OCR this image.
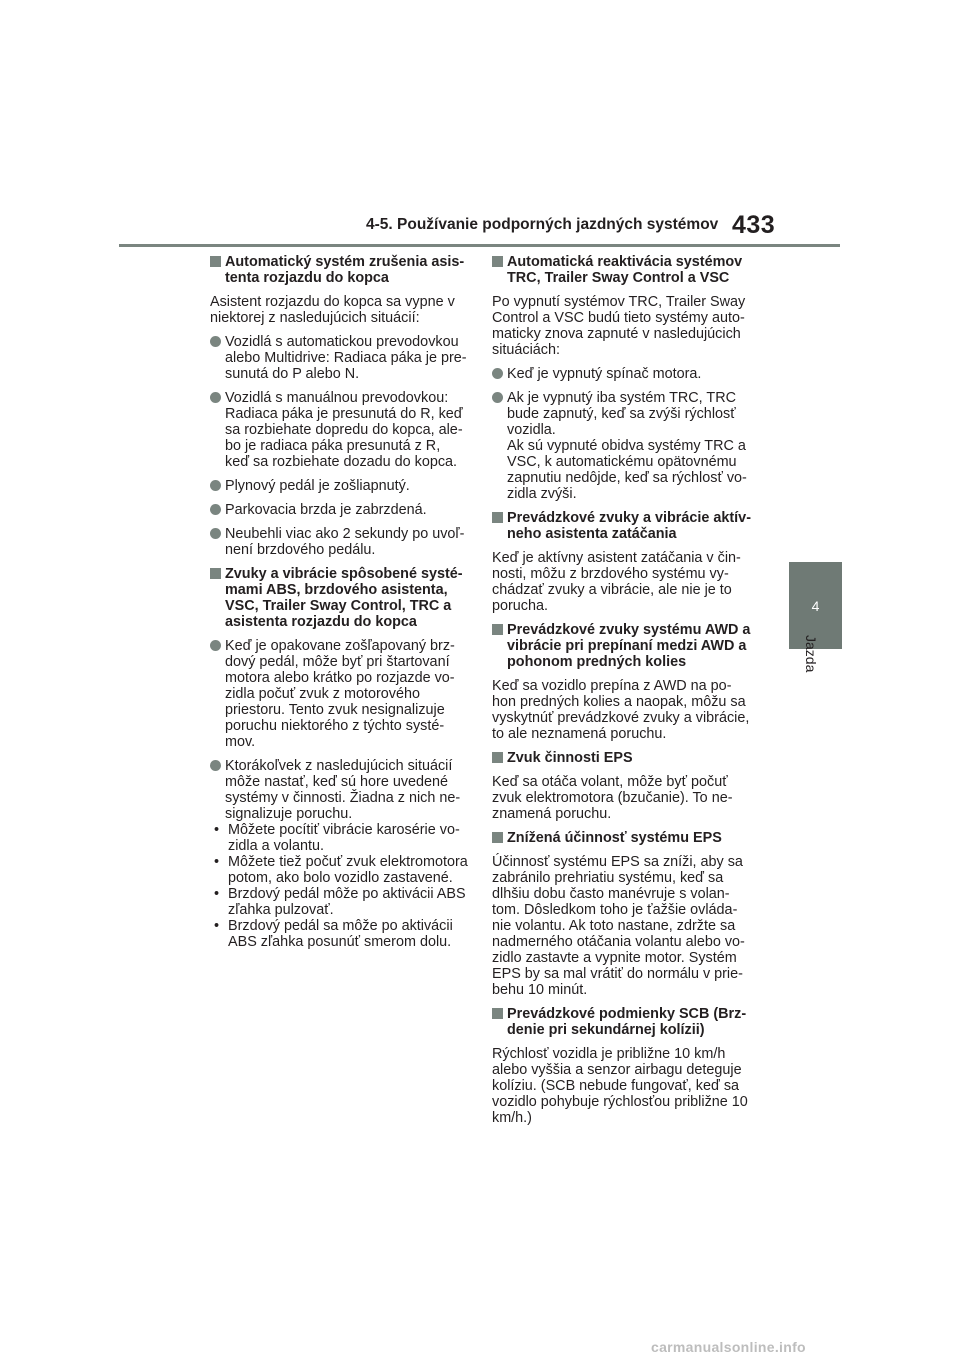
4-5. Používanie podporných jazdných systémov 433
4
Jazda
Automatický systém zrušenia asis-tenta rozjazdu do kopca
Asistent rozjazdu do kopca sa vypne v niektorej z nasledujúcich situácií:
Vozidlá s automatickou prevodovkou alebo Multidrive: Radiaca páka je pre-sunutá do P alebo N.
Vozidlá s manuálnou prevodovkou: Radiaca páka je presunutá do R, keď sa rozbiehate dopredu do kopca, ale-bo je radiaca páka presunutá z R, keď sa rozbiehate dozadu do kopca.
Plynový pedál je zošliapnutý.
Parkovacia brzda je zabrzdená.
Neubehli viac ako 2 sekundy po uvoľ-není brzdového pedálu.
Zvuky a vibrácie spôsobené systé-mami ABS, brzdového asistenta, VSC, Trailer Sway Control, TRC a asistenta rozjazdu do kopca
Keď je opakovane zošľapovaný brz-dový pedál, môže byť pri štartovaní motora alebo krátko po rozjazde vo-zidla počuť zvuk z motorového priestoru. Tento zvuk nesignalizuje poruchu niektorého z týchto systé-mov.
Ktorákoľvek z nasledujúcich situácií môže nastať, keď sú hore uvedené systémy v činnosti. Žiadna z nich ne-signalizuje poruchu.
• Môžete pocítiť vibrácie karosérie vo-zidla a volantu.
• Môžete tiež počuť zvuk elektromotora potom, ako bolo vozidlo zastavené.
• Brzdový pedál môže po aktivácii ABS zľahka pulzovať.
• Brzdový pedál sa môže po aktivácii ABS zľahka posunúť smerom dolu.
Automatická reaktivácia systémov TRC, Trailer Sway Control a VSC
Po vypnutí systémov TRC, Trailer Sway Control a VSC budú tieto systémy auto-maticky znova zapnuté v nasledujúcich situáciách:
Keď je vypnutý spínač motora.
Ak je vypnutý iba systém TRC, TRC bude zapnutý, keď sa zvýši rýchlosť vozidla.
Ak sú vypnuté obidva systémy TRC a VSC, k automatickému opätovnému zapnutiu nedôjde, keď sa rýchlosť vo-zidla zvýši.
Prevádzkové zvuky a vibrácie aktív-neho asistenta zatáčania
Keď je aktívny asistent zatáčania v čin-nosti, môžu z brzdového systému vy-chádzať zvuky a vibrácie, ale nie je to porucha.
Prevádzkové zvuky systému AWD a vibrácie pri prepínaní medzi AWD a pohonom predných kolies
Keď sa vozidlo prepína z AWD na po-hon predných kolies a naopak, môžu sa vyskytnúť prevádzkové zvuky a vibrácie, to ale neznamená poruchu.
Zvuk činnosti EPS
Keď sa otáča volant, môže byť počuť zvuk elektromotora (bzučanie). To ne-znamená poruchu.
Znížená účinnosť systému EPS
Účinnosť systému EPS sa zníži, aby sa zabránilo prehriatiu systému, keď sa dlhšiu dobu často manévruje s volan-tom. Dôsledkom toho je ťažšie ovláda-nie volantu. Ak toto nastane, zdržte sa nadmerného otáčania volantu alebo vo-zidlo zastavte a vypnite motor. Systém EPS by sa mal vrátiť do normálu v prie-behu 10 minút.
Prevádzkové podmienky SCB (Brz-denie pri sekundárnej kolízii)
Rýchlosť vozidla je približne 10 km/h alebo vyššia a senzor airbagu deteguje kolíziu. (SCB nebude fungovať, keď sa vozidlo pohybuje rýchlosťou približne 10 km/h.)
carmanualsonline.info
